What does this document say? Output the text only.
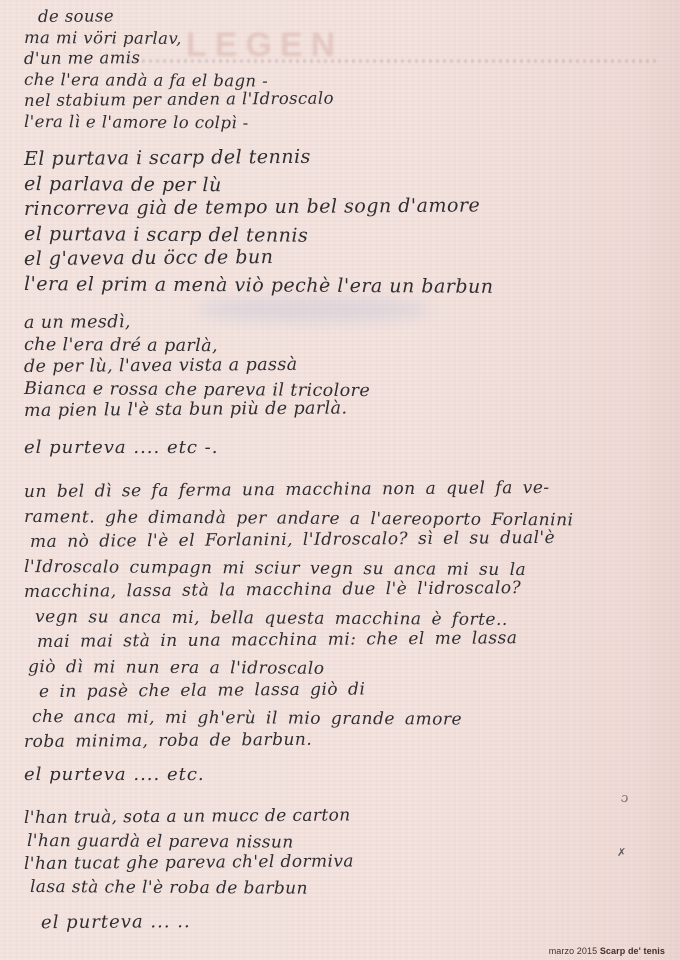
LEGEN
de souse
ma mi vöri parlav,
d'un me amis
che l'era andà a fa el bagn -
nel stabium per anden a l'Idroscalo
l'era lì e l'amore lo colpì -
El purtava i scarp del tennis
el parlava de per lù
rincorreva già de tempo un bel sogn d'amore
el purtava i scarp del tennis
el g'aveva du öcc de bun
l'era el prim a menà viò pechè l'era un barbun
a un mesdì,
che l'era dré a parlà,
de per lù, l'avea vista a passà
Bianca e rossa che pareva il tricolore
ma pien lu l'è sta bun più de parlà.
el purteva .... etc -.
un bel dì se fa ferma una macchina non a quel fa ve-
rament. ghe dimandà per andare a l'aereoporto Forlanini
ma nò dice l'è el Forlanini, l'Idroscalo? sì el su dual'è
l'Idroscalo cumpagn mi sciur vegn su anca mi su la
macchina, lassa stà la macchina due l'è l'idroscalo?
vegn su anca mi, bella questa macchina è forte..
mai mai stà in una macchina mi: che el me lassa
giò dì mi nun era a l'idroscalo
e in pasè che ela me lassa giò di
che anca mi, mi gh'erù il mio grande amore
roba minima, roba de barbun.
el purteva .... etc.
l'han truà, sota a un mucc de carton
l'han guardà el pareva nissun
l'han tucat ghe pareva ch'el dormiva
lasa stà che l'è roba de barbun
el purteva ... ..
ɔ
✗
marzo 2015 Scarp de' tenis
